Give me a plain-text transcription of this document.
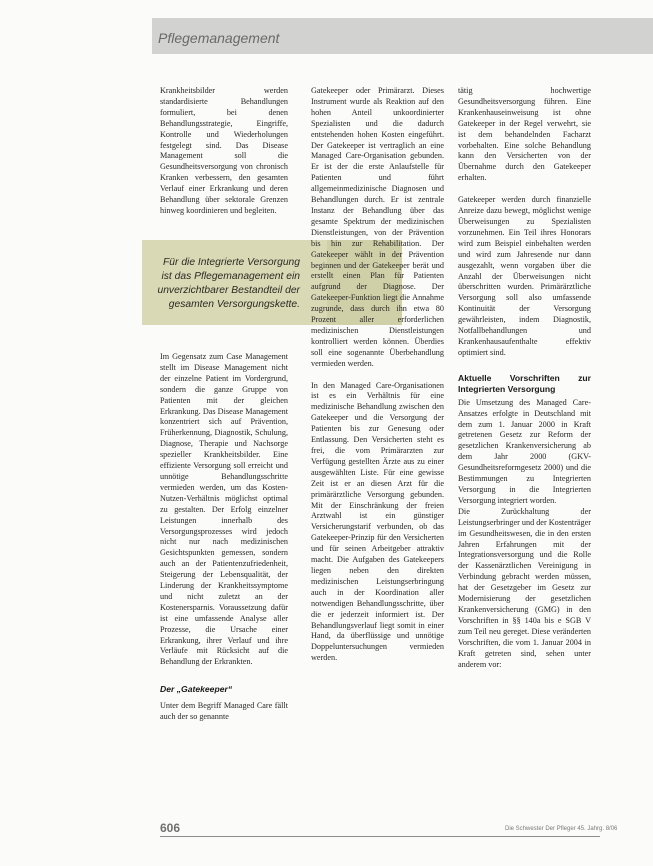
Pflegemanagement

Krankheitsbilder werden standardisierte Behandlungen formuliert, bei denen Behandlungsstrategie, Eingriffe, Kontrolle und Wiederholungen festgelegt sind. Das Disease Management soll die Gesundheitsversorgung von chronisch Kranken verbessern, den gesamten Verlauf einer Erkrankung und deren Behandlung über sektorale Grenzen hinweg koordinieren und begleiten.

Für die Integrierte Versorgung ist das Pflegemanagement ein unverzichtbarer Bestandteil der gesamten Versorgungskette.

Im Gegensatz zum Case Management stellt im Disease Management nicht der einzelne Patient im Vordergrund, sondern die ganze Gruppe von Patienten mit der gleichen Erkrankung. Das Disease Management konzentriert sich auf Prävention, Früherkennung, Diagnostik, Schulung, Diagnose, Therapie und Nachsorge spezieller Krankheitsbilder. Eine effiziente Versorgung soll erreicht und unnötige Behandlungsschritte vermieden werden, um das Kosten-Nutzen-Verhältnis möglichst optimal zu gestalten. Der Erfolg einzelner Leistungen innerhalb des Versorgungsprozesses wird jedoch nicht nur nach medizinischen Gesichtspunkten gemessen, sondern auch an der Patientenzufriedenheit, Steigerung der Lebensqualität, der Linderung der Krankheitssymptome und nicht zuletzt an der Kostenersparnis. Voraussetzung dafür ist eine umfassende Analyse aller Prozesse, die Ursache einer Erkrankung, ihrer Verlauf und ihre Verläufe mit Rücksicht auf die Behandlung der Erkrankten.

Der „Gatekeeper“

Unter dem Begriff Managed Care fällt auch der so genannte

Gatekeeper oder Primärarzt. Dieses Instrument wurde als Reaktion auf den hohen Anteil unkoordinierter Spezialisten und die dadurch entstehenden hohen Kosten eingeführt. Der Gatekeeper ist vertraglich an eine Managed Care-Organisation gebunden. Er ist der die erste Anlaufstelle für Patienten und führt allgemeinmedizinische Diagnosen und Behandlungen durch. Er ist zentrale Instanz der Behandlung über das gesamte Spektrum der medizinischen Dienstleistungen, von der Prävention bis hin zur Rehabilitation. Der Gatekeeper wählt in der Prävention beginnen und der Gatekeeper berät und erstellt einen Plan für Patienten aufgrund der Diagnose. Der Gatekeeper-Funktion liegt die Annahme zugrunde, dass durch ihn etwa 80 Prozent aller erforderlichen medizinischen Dienstleistungen kontrolliert werden können. Überdies soll eine sogenannte Überbehandlung vermieden werden.

In den Managed Care-Organisationen ist es ein Verhältnis für eine medizinische Behandlung zwischen den Gatekeeper und die Versorgung der Patienten bis zur Genesung oder Entlassung. Den Versicherten steht es frei, die vom Primärarzten zur Verfügung gestellten Ärzte aus zu einer ausgewählten Liste. Für eine gewisse Zeit ist er an diesen Arzt für die primärärztliche Versorgung gebunden. Mit der Einschränkung der freien Arztwahl ist ein günstiger Versicherungstarif verbunden, ob das Gatekeeper-Prinzip für den Versicherten und für seinen Arbeitgeber attraktiv macht. Die Aufgaben des Gatekeepers liegen neben den direkten medizinischen Leistungserbringung auch in der Koordination aller notwendigen Behandlungsschritte, über die er jederzeit informiert ist. Der Behandlungsverlauf liegt somit in einer Hand, da überflüssige und unnötige Doppeluntersuchungen vermieden werden.

tätig hochwertige Gesundheitsversorgung führen. Eine Krankenhauseinweisung ist ohne Gatekeeper in der Regel verwehrt, sie ist dem behandelnden Facharzt vorbehalten. Eine solche Behandlung kann den Versicherten von der Übernahme durch den Gatekeeper erhalten.

Gatekeeper werden durch finanzielle Anreize dazu bewegt, möglichst wenige Überweisungen zu Spezialisten vorzunehmen. Ein Teil ihres Honorars wird zum Beispiel einbehalten werden und wird zum Jahresende nur dann ausgezahlt, wenn vorgaben über die Anzahl der Überweisungen nicht überschritten wurden. Primärärztliche Versorgung soll also umfassende Kontinuität der Versorgung gewährleisten, indem Diagnostik, Notfallbehandlungen und Krankenhausaufenthalte effektiv optimiert sind.

Aktuelle Vorschriften zur Integrierten Versorgung

Die Umsetzung des Managed Care-Ansatzes erfolgte in Deutschland mit dem zum 1. Januar 2000 in Kraft getretenen Gesetz zur Reform der gesetzlichen Krankenversicherung ab dem Jahr 2000 (GKV-Gesundheitsreformgesetz 2000) und die Bestimmungen zu Integrierten Versorgung in die Integrierten Versorgung integriert worden.

Die Zurückhaltung der Leistungserbringer und der Kostenträger im Gesundheitswesen, die in den ersten Jahren Erfahrungen mit der Integrationsversorgung und die Rolle der Kassenärztlichen Vereinigung in Verbindung gebracht werden müssen, hat der Gesetzgeber im Gesetz zur Modernisierung der gesetzlichen Krankenversicherung (GMG) in den Vorschriften in §§ 140a bis e SGB V zum Teil neu gereget. Diese veränderten Vorschriften, die vom 1. Januar 2004 in Kraft getreten sind, sehen unter anderem vor:

606	Die Schwester Der Pfleger 45. Jahrg. 8/06
